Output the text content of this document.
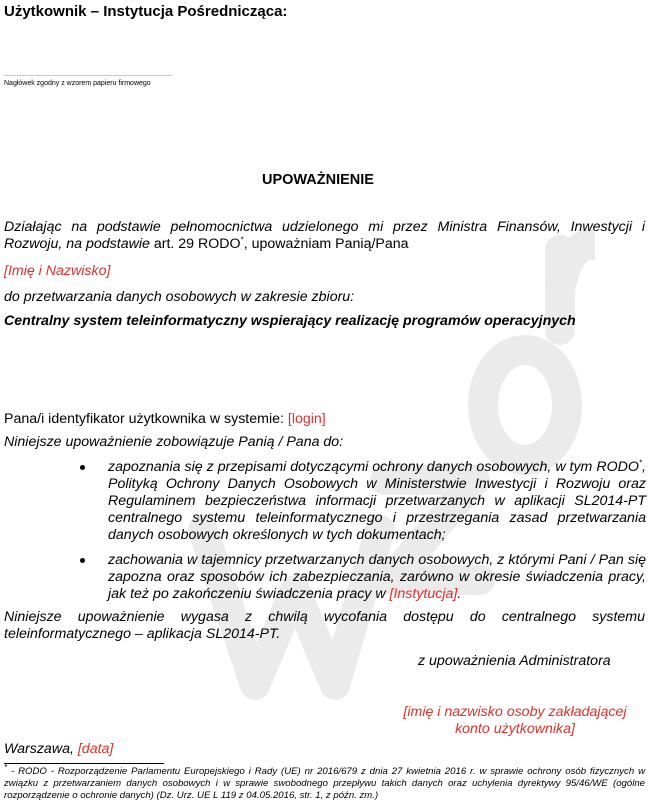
Użytkownik – Instytucja Pośrednicząca:
…………………………………………………………………………
Nagłówek zgodny z wzorem papieru firmowego
UPOWAŻNIENIE
Działając na podstawie pełnomocnictwa udzielonego mi przez Ministra Finansów, Inwestycji i Rozwoju, na podstawie art. 29 RODO*, upoważniam Panią/Pana
[Imię i Nazwisko]
do przetwarzania danych osobowych w zakresie zbioru:
Centralny system teleinformatyczny wspierający realizację programów operacyjnych
Pana/i identyfikator użytkownika w systemie: [login]
Niniejsze upoważnienie zobowiązuje Panią / Pana do:
zapoznania się z przepisami dotyczącymi ochrony danych osobowych, w tym RODO*, Polityką Ochrony Danych Osobowych w Ministerstwie Inwestycji i Rozwoju oraz Regulaminem bezpieczeństwa informacji przetwarzanych w aplikacji SL2014-PT centralnego systemu teleinformatycznego i przestrzegania zasad przetwarzania danych osobowych określonych w tych dokumentach;
zachowania w tajemnicy przetwarzanych danych osobowych, z którymi Pani / Pan się zapozna oraz sposobów ich zabezpieczania, zarówno w okresie świadczenia pracy, jak też po zakończeniu świadczenia pracy w [Instytucja].
Niniejsze upoważnienie wygasa z chwilą wycofania dostępu do centralnego systemu teleinformatycznego – aplikacja SL2014-PT.
z upoważnienia Administratora
[imię i nazwisko osoby zakładającej konto użytkownika]
Warszawa, [data]
* - RODO - Rozporządzenie Parlamentu Europejskiego i Rady (UE) nr 2016/679 z dnia 27 kwietnia 2016 r. w sprawie ochrony osób fizycznych w związku z przetwarzaniem danych osobowych i w sprawie swobodnego przepływu takich danych oraz uchylenia dyrektywy 95/46/WE (ogólne rozporządzenie o ochronie danych) (Dz. Urz. UE L 119 z 04.05.2016, str. 1, z późn. zm.)
